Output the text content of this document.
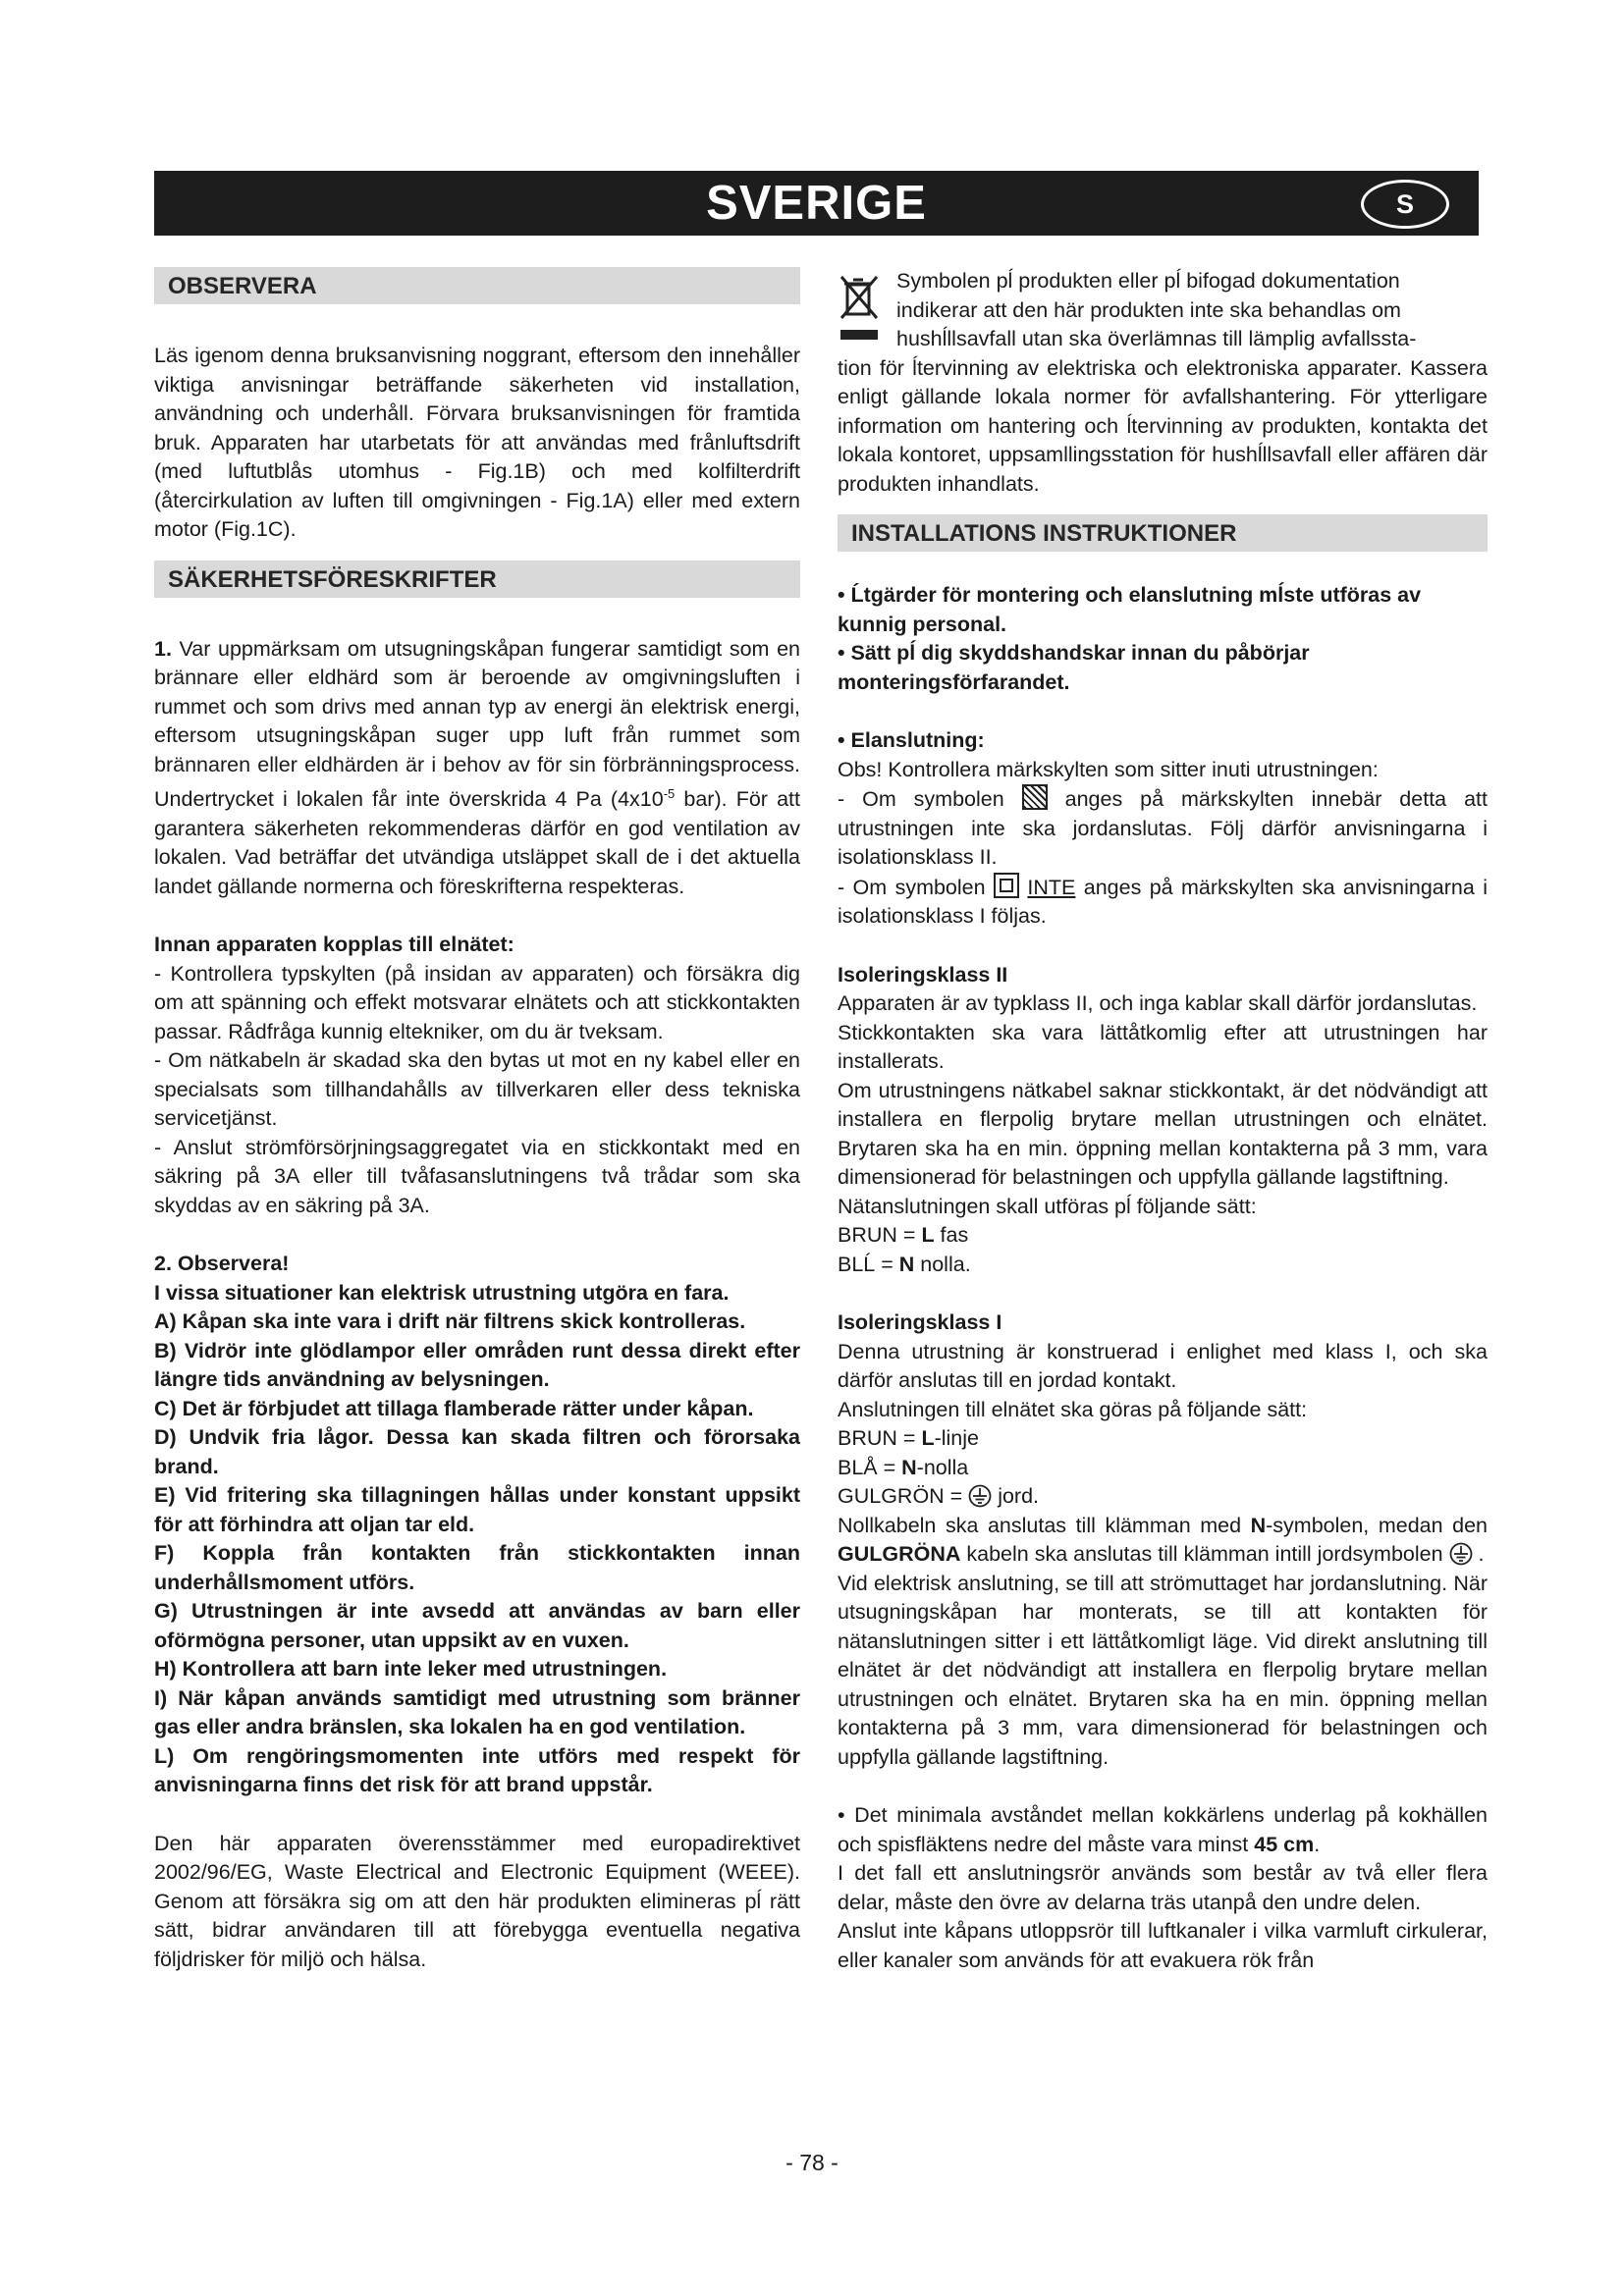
SVERIGE	S
OBSERVERA

Läs igenom denna bruksanvisning noggrant, eftersom den innehåller viktiga anvisningar beträffande säkerheten vid installation, användning och underhåll. Förvara bruksanvisningen för framtida bruk. Apparaten har utarbetats för att användas med frånluftsdrift (med luftutblås utomhus - Fig.1B) och med kolfilterdrift (återcirkulation av luften till omgivningen - Fig.1A) eller med extern motor (Fig.1C).

SÄKERHETSFÖRESKRIFTER

1. Var uppmärksam om utsugningskåpan fungerar samtidigt som en brännare eller eldhärd som är beroende av omgivningsluften i rummet och som drivs med annan typ av energi än elektrisk energi, eftersom utsugningskåpan suger upp luft från rummet som brännaren eller eldhärden är i behov av för sin förbränningsprocess. Undertrycket i lokalen får inte överskrida 4 Pa ($4x10^{-5}$ bar). För att garantera säkerheten rekommenderas därför en god ventilation av lokalen. Vad beträffar det utvändiga utsläppet skall de i det aktuella landet gällande normerna och föreskrifterna respekteras.

Innan apparaten kopplas till elnätet:

- Kontrollera typskylten (på insidan av apparaten) och försäkra dig om att spänning och effekt motsvarar elnätets och att stickkontakten passar. Rådfråga kunnig eltekniker, om du är tveksam.

- Om nätkabeln är skadad ska den bytas ut mot en ny kabel eller en specialsats som tillhandahålls av tillverkaren eller dess tekniska servicetjänst.

- Anslut strömförsörjningsaggregatet via en stickkontakt med en säkring på 3A eller till tvåfasanslutningens två trådar som ska skyddas av en säkring på 3A.

2. Observera!

I vissa situationer kan elektrisk utrustning utgöra en fara.

A) Kåpan ska inte vara i drift när filtrens skick kontrolleras.

B) Vidrör inte glödlampor eller områden runt dessa direkt efter längre tids användning av belysningen.

C) Det är förbjudet att tillaga flamberade rätter under kåpan.

D) Undvik fria lågor. Dessa kan skada filtren och förorsaka brand.

E) Vid fritering ska tillagningen hållas under konstant uppsikt för att förhindra att oljan tar eld.

F) Koppla från kontakten från stickkontakten innan underhållsmoment utförs.

G) Utrustningen är inte avsedd att användas av barn eller oförmögna personer, utan uppsikt av en vuxen.

H) Kontrollera att barn inte leker med utrustningen.

I) När kåpan används samtidigt med utrustning som bränner gas eller andra bränslen, ska lokalen ha en god ventilation.

L) Om rengöringsmomenten inte utförs med respekt för anvisningarna finns det risk för att brand uppstår.

Den här apparaten överensstämmer med europadirektivet 2002/96/EG, Waste Electrical and Electronic Equipment (WEEE). Genom att försäkra sig om att den här produkten elimineras pĺ rätt sätt, bidrar användaren till att förebygga eventuella negativa följdrisker för miljö och hälsa.

Symbolen pĺ produkten eller pĺ bifogad dokumentation

indikerar att den här produkten inte ska behandlas om

hushĺllsavfall utan ska överlämnas till lämplig avfallssta-

tion för ĺtervinning av elektriska och elektroniska apparater. Kassera enligt gällande lokala normer för avfallshantering. För ytterligare information om hantering och ĺtervinning av produkten, kontakta det lokala kontoret, uppsamllingsstation för hushĺllsavfall eller affären där produkten inhandlats.

INSTALLATIONS INSTRUKTIONER

• Ĺtgärder för montering och elanslutning mĺste utföras av kunnig personal.

• Sätt pĺ dig skyddshandskar innan du påbörjar monteringsförfarandet.

• Elanslutning:

Obs! Kontrollera märkskylten som sitter inuti utrustningen:

- Om symbolen	anges på märkskylten innebär detta att utrustningen inte ska jordanslutas. Följ därför anvisningarna i isolationsklass II.

- Om symbolen INTE anges på märkskylten ska anvisningarna i isolationsklass I följas.

Isoleringsklass II

Apparaten är av typklass II, och inga kablar skall därför jordanslutas.

Stickkontakten ska vara lättåtkomlig efter att utrustningen har installerats.

Om utrustningens nätkabel saknar stickkontakt, är det nödvändigt att installera en flerpolig brytare mellan utrustningen och elnätet. Brytaren ska ha en min. öppning mellan kontakterna på 3 mm, vara dimensionerad för belastningen och uppfylla gällande lagstiftning.

Nätanslutningen skall utföras pĺ följande sätt:

BRUN = L fas

BLĹ = N nolla.

Isoleringsklass I

Denna utrustning är konstruerad i enlighet med klass I, och ska därför anslutas till en jordad kontakt.

Anslutningen till elnätet ska göras på följande sätt:

BRUN = L-linje

BLÅ = N-nolla

GULGRÖN =  jord.

Nollkabeln ska anslutas till klämman med N-symbolen, medan den GULGRÖNA kabeln ska anslutas till klämman intill jordsymbolen  .

Vid elektrisk anslutning, se till att strömuttaget har jordanslutning. När utsugningskåpan har monterats, se till att kontakten för nätanslutningen sitter i ett lättåtkomligt läge. Vid direkt anslutning till elnätet är det nödvändigt att installera en flerpolig brytare mellan utrustningen och elnätet. Brytaren ska ha en min. öppning mellan kontakterna på 3 mm, vara dimensionerad för belastningen och uppfylla gällande lagstiftning.

• Det minimala avståndet mellan kokkärlens underlag på kokhällen och spisfläktens nedre del måste vara minst 45 cm.

I det fall ett anslutningsrör används som består av två eller flera delar, måste den övre av delarna träs utanpå den undre delen.

Anslut inte kåpans utloppsrör till luftkanaler i vilka varmluft cirkulerar, eller kanaler som används för att evakuera rök från

- 78 -
